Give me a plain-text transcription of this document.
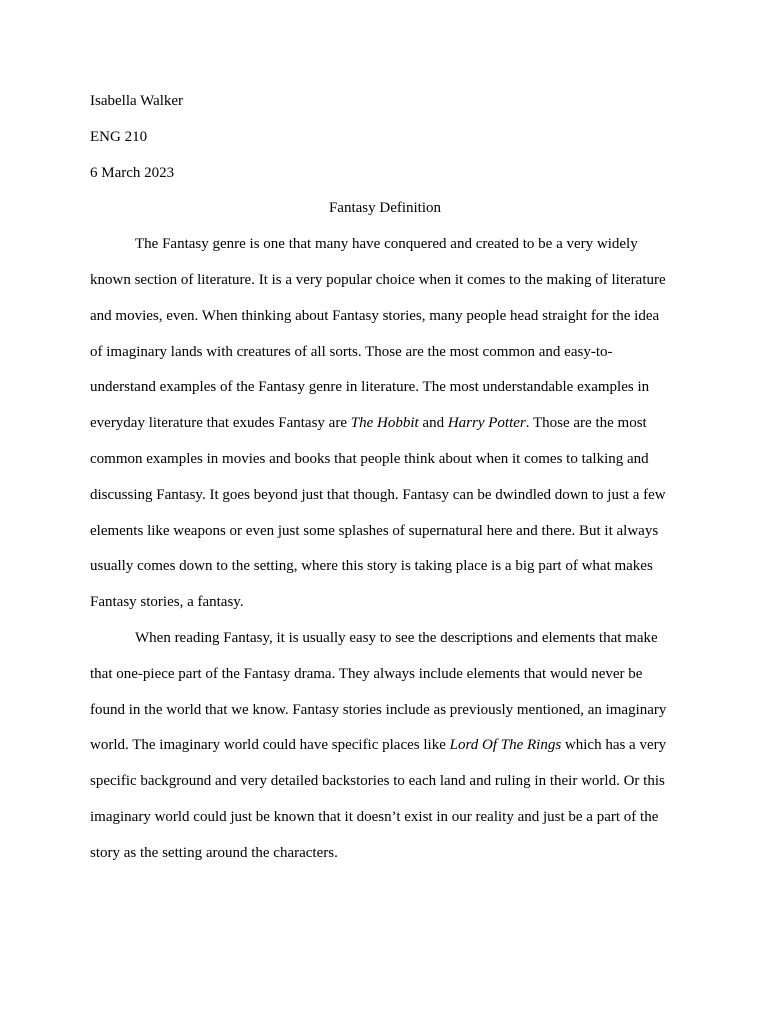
Isabella Walker

ENG 210

6 March 2023

Fantasy Definition

The Fantasy genre is one that many have conquered and created to be a very widely

known section of literature. It is a very popular choice when it comes to the making of literature

and movies, even. When thinking about Fantasy stories, many people head straight for the idea

of imaginary lands with creatures of all sorts. Those are the most common and easy-to-

understand examples of the Fantasy genre in literature. The most understandable examples in

everyday literature that exudes Fantasy are The Hobbit and Harry Potter. Those are the most

common examples in movies and books that people think about when it comes to talking and

discussing Fantasy. It goes beyond just that though. Fantasy can be dwindled down to just a few

elements like weapons or even just some splashes of supernatural here and there. But it always

usually comes down to the setting, where this story is taking place is a big part of what makes

Fantasy stories, a fantasy.

When reading Fantasy, it is usually easy to see the descriptions and elements that make

that one-piece part of the Fantasy drama. They always include elements that would never be

found in the world that we know. Fantasy stories include as previously mentioned, an imaginary

world. The imaginary world could have specific places like Lord Of The Rings which has a very

specific background and very detailed backstories to each land and ruling in their world. Or this

imaginary world could just be known that it doesn’t exist in our reality and just be a part of the

story as the setting around the characters.
